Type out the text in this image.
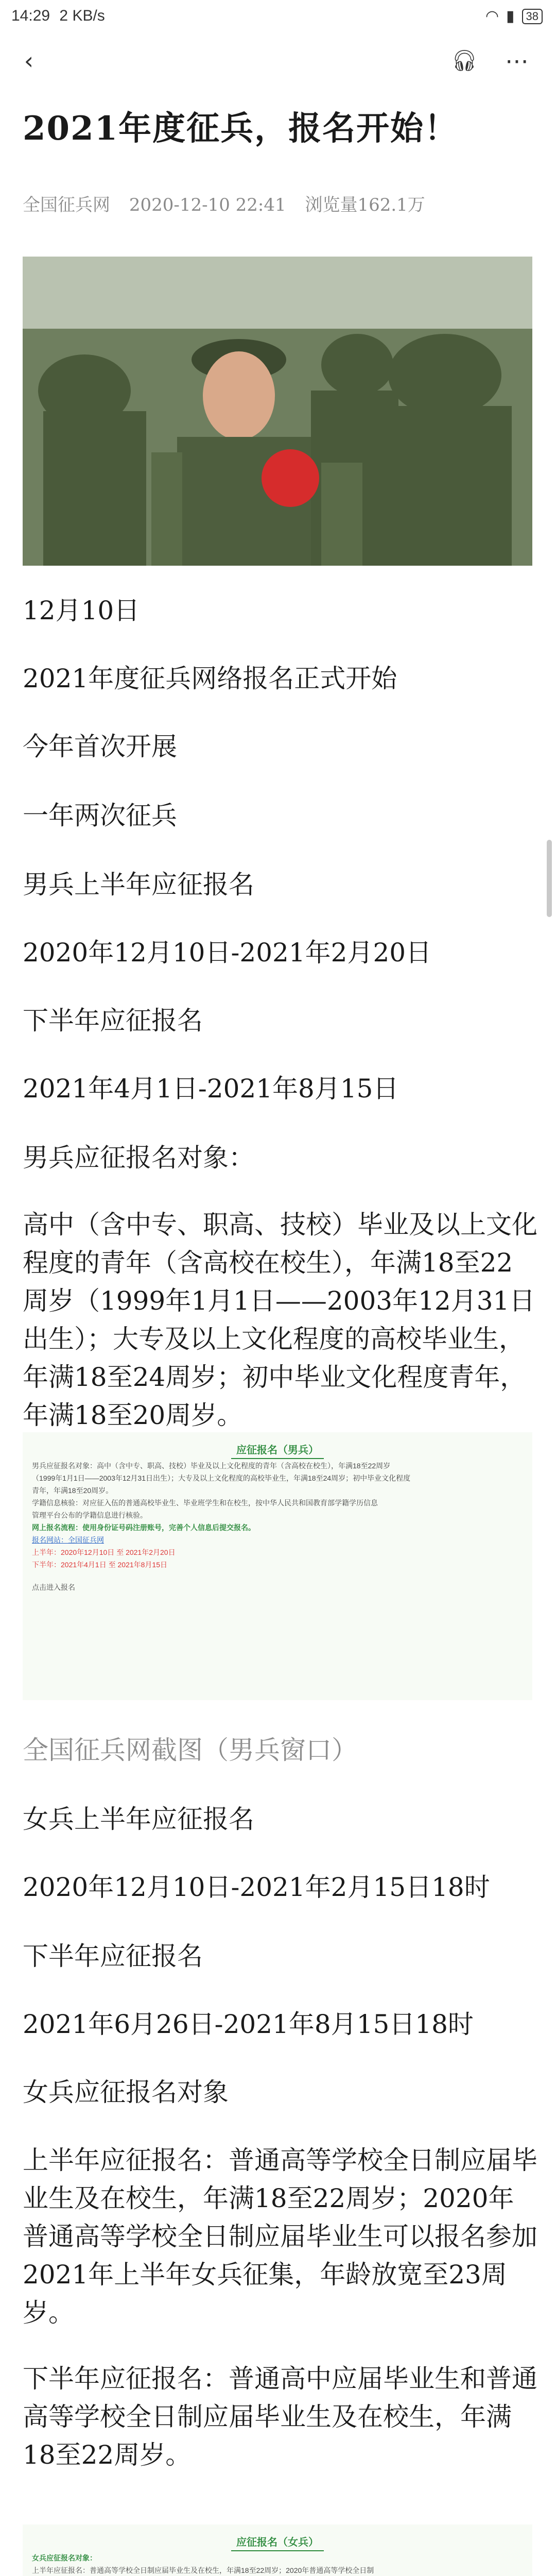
14:29 2 KB/s	◠ ▮	38
‹	🎧︎ ⋯
2021年度征兵，报名开始！
全国征兵网 2020-12-10 22:41 浏览量162.1万

12月10日

2021年度征兵网络报名正式开始

今年首次开展

一年两次征兵

男兵上半年应征报名

2020年12月10日-2021年2月20日

下半年应征报名

2021年4月1日-2021年8月15日

男兵应征报名对象：

高中（含中专、职高、技校）毕业及以上文化程度的青年（含高校在校生），年满18至22周岁（1999年1月1日——2003年12月31日出生）；大专及以上文化程度的高校毕业生，年满18至24周岁；初中毕业文化程度青年，年满18至20周岁。

应征报名（男兵）
男兵应征报名对象：高中（含中专、职高、技校）毕业及以上文化程度的青年（含高校在校生），年满18至22周岁
（1999年1月1日——2003年12月31日出生）；大专及以上文化程度的高校毕业生，年满18至24周岁；初中毕业文化程度
青年，年满18至20周岁。
学籍信息核验：对应征入伍的普通高校毕业生、毕业班学生和在校生，按中华人民共和国教育部学籍学历信息
管理平台公布的学籍信息进行核验。
网上报名流程：使用身份证号码注册账号，完善个人信息后提交报名。
报名网站：全国征兵网
上半年：2020年12月10日 至 2021年2月20日
下半年：2021年4月1日 至 2021年8月15日
点击进入报名

全国征兵网截图（男兵窗口）

女兵上半年应征报名

2020年12月10日-2021年2月15日18时

下半年应征报名

2021年6月26日-2021年8月15日18时

女兵应征报名对象

上半年应征报名：普通高等学校全日制应届毕业生及在校生，年满18至22周岁；2020年普通高等学校全日制应届毕业生可以报名参加2021年上半年女兵征集，年龄放宽至23周岁。

下半年应征报名：普通高中应届毕业生和普通高等学校全日制应届毕业生及在校生，年满18至22周岁。

应征报名（女兵）
女兵应征报名对象：
上半年应征报名：普通高等学校全日制应届毕业生及在校生，年满18至22周岁；2020年普通高等学校全日制
